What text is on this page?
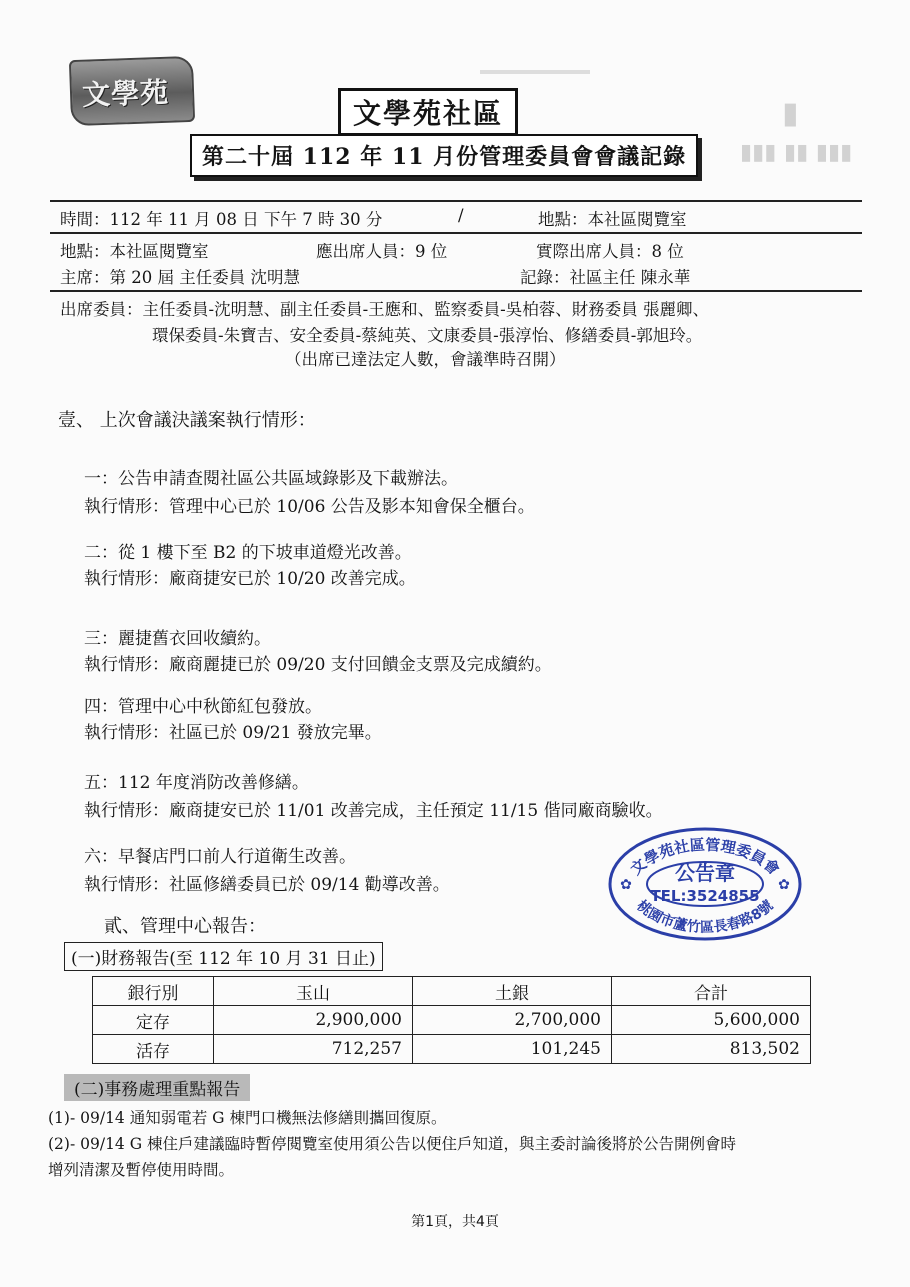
▮▮▮ ▮▮ ▮▮▮
▮
文學苑
文學苑社區
第二十屆 112 年 11 月份管理委員會會議記錄
時間：112 年 11 月 08 日 下午 7 時 30 分	/	地點：本社區閱覽室
地點：本社區閱覽室	應出席人員：9 位	實際出席人員：8 位
主席：第 20 屆 主任委員 沈明慧	記錄：社區主任 陳永華
出席委員：主任委員-沈明慧、副主任委員-王應和、監察委員-吳柏蓉、財務委員 張麗卿、
環保委員-朱寶吉、安全委員-蔡純英、文康委員-張淳怡、修繕委員-郭旭玲。
（出席已達法定人數，會議準時召開）
壹、 上次會議決議案執行情形：
一：公告申請查閱社區公共區域錄影及下載辦法。
執行情形：管理中心已於 10/06 公告及影本知會保全櫃台。
二：從 1 樓下至 B2 的下坡車道燈光改善。
執行情形：廠商捷安已於 10/20 改善完成。
三：麗捷舊衣回收續約。
執行情形：廠商麗捷已於 09/20 支付回饋金支票及完成續約。
四：管理中心中秋節紅包發放。
執行情形：社區已於 09/21 發放完畢。
五：112 年度消防改善修繕。
執行情形：廠商捷安已於 11/01 改善完成，主任預定 11/15 偕同廠商驗收。
六：早餐店門口前人行道衛生改善。
執行情形：社區修繕委員已於 09/14 勸導改善。
文學苑社區管理委員會
公告章
TEL:3524855
桃園市蘆竹區長春路8號
✿	✿
貳、管理中心報告：
(一)財務報告(至 112 年 10 月 31 日止)
銀行別	玉山	土銀	合計
定存	2,900,000	2,700,000	5,600,000
活存	712,257	101,245	813,502
(二)事務處理重點報告
(1)- 09/14 通知弱電若 G 棟門口機無法修繕則攜回復原。
(2)- 09/14 G 棟住戶建議臨時暫停閱覽室使用須公告以便住戶知道，與主委討論後將於公告開例會時
增列清潔及暫停使用時間。
第1頁，共4頁
